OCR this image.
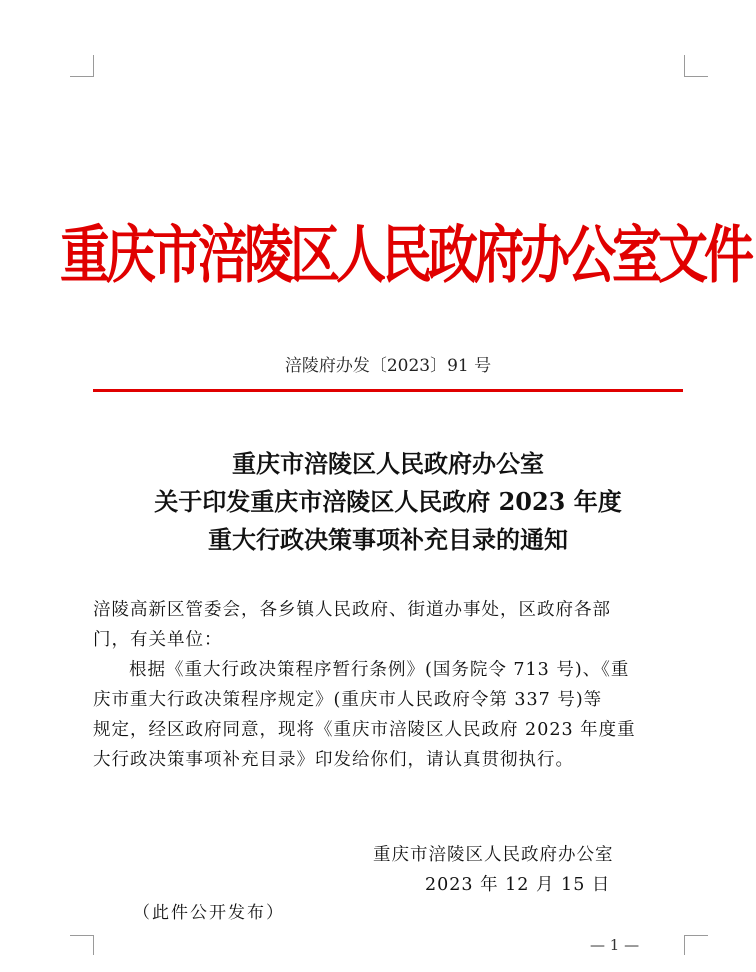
重庆市涪陵区人民政府办公室文件
涪陵府办发〔2023〕91 号
重庆市涪陵区人民政府办公室
关于印发重庆市涪陵区人民政府 2023 年度
重大行政决策事项补充目录的通知
涪陵高新区管委会，各乡镇人民政府、街道办事处，区政府各部
门，有关单位：
根据《重大行政决策程序暂行条例》(国务院令 713 号)、《重
庆市重大行政决策程序规定》(重庆市人民政府令第 337 号)等
规定，经区政府同意，现将《重庆市涪陵区人民政府 2023 年度重
大行政决策事项补充目录》印发给你们，请认真贯彻执行。
重庆市涪陵区人民政府办公室
2023 年 12 月 15 日
（此件公开发布）
— 1 —
